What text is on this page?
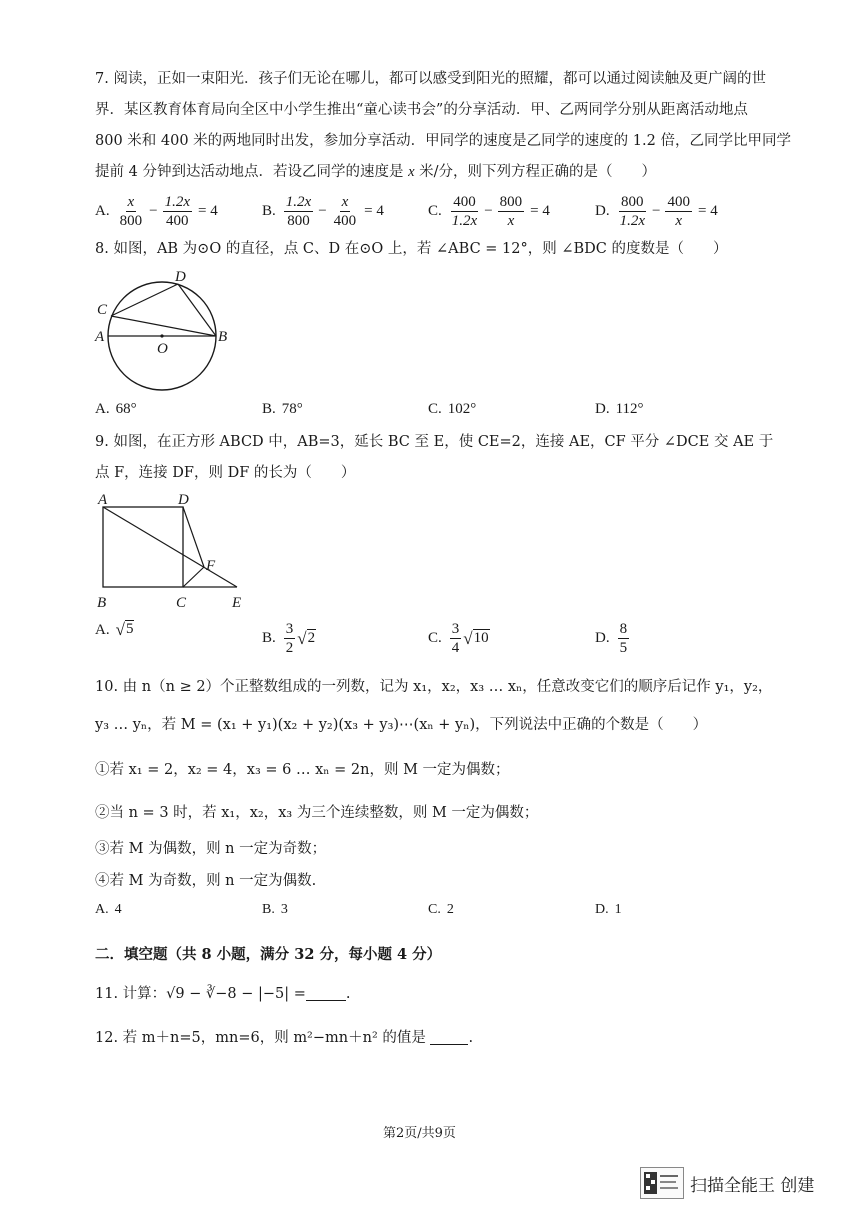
7. 阅读，正如一束阳光．孩子们无论在哪儿，都可以感受到阳光的照耀，都可以通过阅读触及更广阔的世
界．某区教育体育局向全区中小学生推出“童心读书会”的分享活动．甲、乙两同学分别从距离活动地点
800 米和 400 米的两地同时出发，参加分享活动．甲同学的速度是乙同学的速度的 1.2 倍，乙同学比甲同学
提前 4 分钟到达活动地点．若设乙同学的速度是 x 米/分，则下列方程正确的是（　　）
A. $\frac{x}{800} - \frac{1.2x}{400} = 4$	B. $\frac{1.2x}{800} - \frac{x}{400} = 4$	C. $\frac{400}{1.2x} - \frac{800}{x} = 4$	D. $\frac{800}{1.2x} - \frac{400}{x} = 4$
8. 如图，AB 为⊙O 的直径，点 C、D 在⊙O 上，若 ∠ABC = 12°，则 ∠BDC 的度数是（　　）
A	B
C
D
O
A. 68°	B. 78°	C. 102°	D. 112°
9. 如图，在正方形 ABCD 中，AB=3，延长 BC 至 E，使 CE=2，连接 AE，CF 平分 ∠DCE 交 AE 于
点 F，连接 DF，则 DF 的长为（　　）
A	D
B	C	E
F
A. √ 5
B. $\frac{3}{2}$ √ 2	C. $\frac{3}{4}$ √ 10	D. $\frac{8}{5}$
10. 由 n（n ≥ 2）个正整数组成的一列数，记为 x₁，x₂，x₃ … xₙ，任意改变它们的顺序后记作 y₁，y₂，
y₃ … yₙ，若 M = (x₁ + y₁)(x₂ + y₂)(x₃ + y₃)⋯(xₙ + yₙ)，下列说法中正确的个数是（　　）
①若 x₁ = 2，x₂ = 4，x₃ = 6 … xₙ = 2n，则 M 一定为偶数；
②当 n = 3 时，若 x₁，x₂，x₃ 为三个连续整数，则 M 一定为偶数；
③若 M 为偶数，则 n 一定为奇数；
④若 M 为奇数，则 n 一定为偶数.
A. 4	B. 3	C. 2	D. 1
二．填空题（共 8 小题，满分 32 分，每小题 4 分）
11. 计算：√9 − ∛−8 − |−5| =	.
12. 若 m＋n=5，mn=6，则 m²−mn＋n² 的值是	.
第2页/共9页
扫描全能王 创建
